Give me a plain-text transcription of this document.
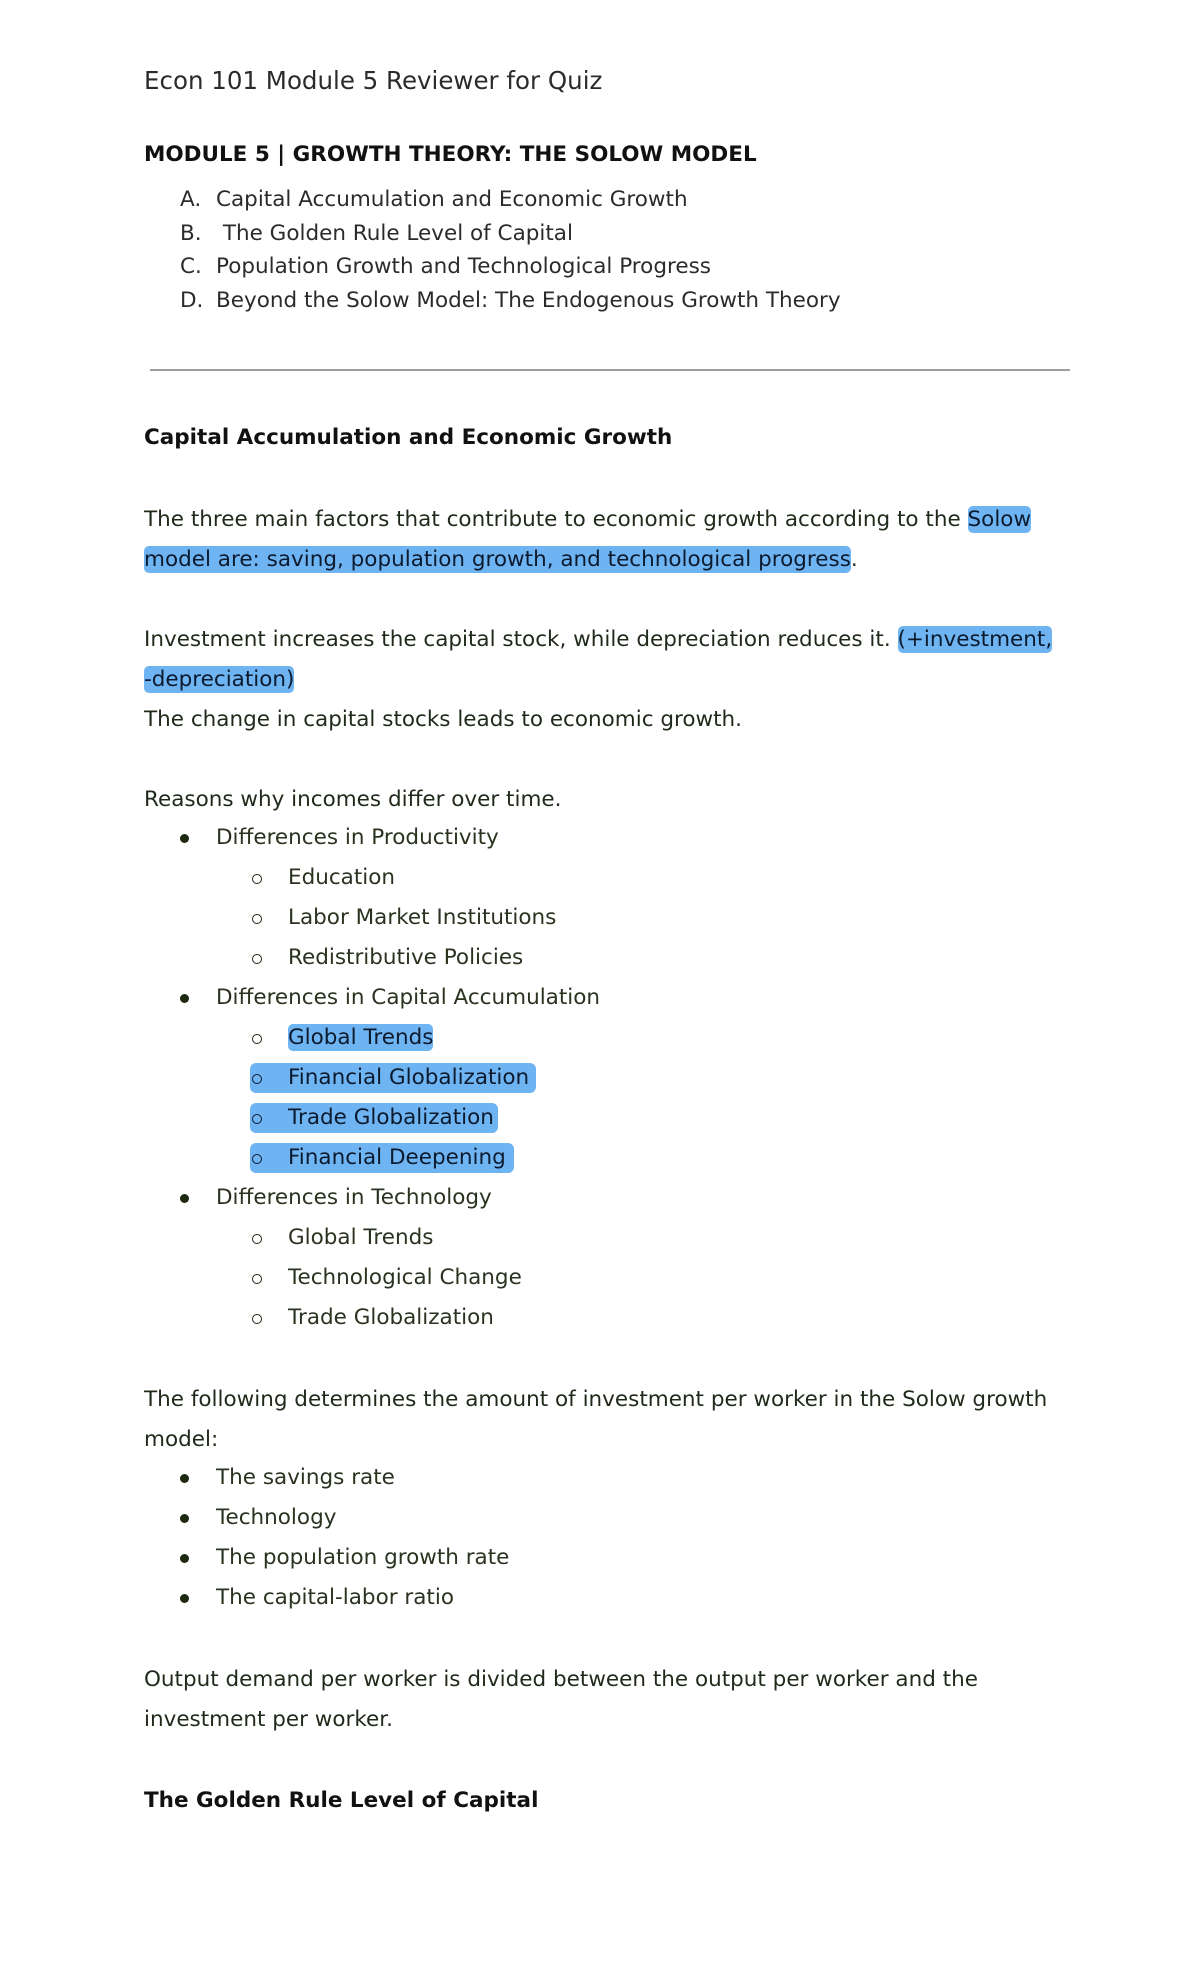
Econ 101 Module 5 Reviewer for Quiz
MODULE 5 | GROWTH THEORY: THE SOLOW MODEL
A. Capital Accumulation and Economic Growth
B. The Golden Rule Level of Capital
C. Population Growth and Technological Progress
D. Beyond the Solow Model: The Endogenous Growth Theory
Capital Accumulation and Economic Growth

The three main factors that contribute to economic growth according to the Solow
model are: saving, population growth, and technological progress.

Investment increases the capital stock, while depreciation reduces it. (+investment,
-depreciation)

The change in capital stocks leads to economic growth.

Reasons why incomes differ over time.

Differences in Productivity
Education
Labor Market Institutions
Redistributive Policies
Differences in Capital Accumulation
Global Trends
Financial Globalization
Trade Globalization
Financial Deepening
Differences in Technology
Global Trends
Technological Change
Trade Globalization

The following determines the amount of investment per worker in the Solow growth
model:

The savings rate
Technology
The population growth rate
The capital-labor ratio

Output demand per worker is divided between the output per worker and the
investment per worker.

The Golden Rule Level of Capital
